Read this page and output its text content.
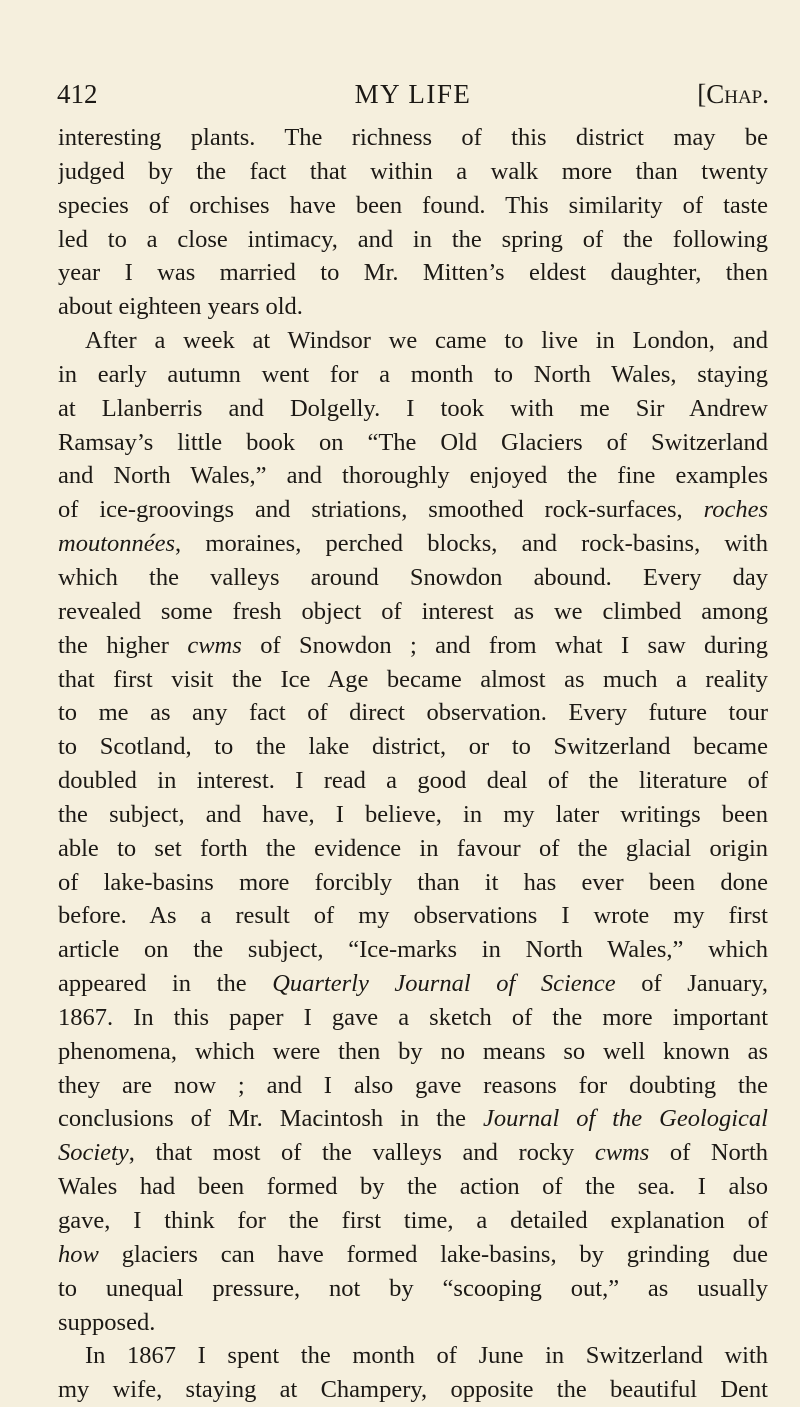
412	MY LIFE	[Chap.
interesting plants. The richness of this district may be
judged by the fact that within a walk more than twenty
species of orchises have been found. This similarity of taste
led to a close intimacy, and in the spring of the following
year I was married to Mr. Mitten’s eldest daughter, then
about eighteen years old.
After a week at Windsor we came to live in London, and
in early autumn went for a month to North Wales, staying
at Llanberris and Dolgelly. I took with me Sir Andrew
Ramsay’s little book on “The Old Glaciers of Switzerland
and North Wales,” and thoroughly enjoyed the fine examples
of ice-groovings and striations, smoothed rock-surfaces, roches
moutonnées, moraines, perched blocks, and rock-basins, with
which the valleys around Snowdon abound. Every day
revealed some fresh object of interest as we climbed among
the higher cwms of Snowdon ; and from what I saw during
that first visit the Ice Age became almost as much a reality
to me as any fact of direct observation. Every future tour
to Scotland, to the lake district, or to Switzerland became
doubled in interest. I read a good deal of the literature of
the subject, and have, I believe, in my later writings been
able to set forth the evidence in favour of the glacial origin
of lake-basins more forcibly than it has ever been done
before. As a result of my observations I wrote my first
article on the subject, “Ice-marks in North Wales,” which
appeared in the Quarterly Journal of Science of January,
1867. In this paper I gave a sketch of the more important
phenomena, which were then by no means so well known as
they are now ; and I also gave reasons for doubting the
conclusions of Mr. Macintosh in the Journal of the Geological
Society, that most of the valleys and rocky cwms of North
Wales had been formed by the action of the sea. I also
gave, I think for the first time, a detailed explanation of
how glaciers can have formed lake-basins, by grinding due
to unequal pressure, not by “scooping out,” as usually
supposed.
In 1867 I spent the month of June in Switzerland with
my wife, staying at Champery, opposite the beautiful Dent
